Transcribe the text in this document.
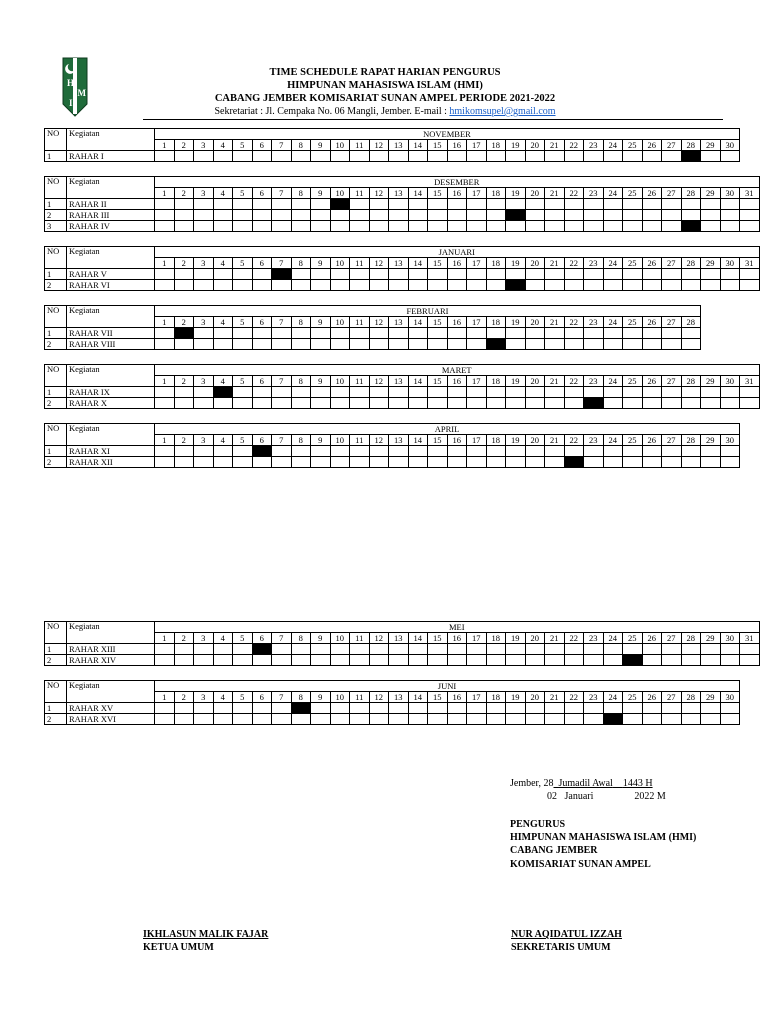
H
M
I
TIME SCHEDULE RAPAT HARIAN PENGURUS
HIMPUNAN MAHASISWA ISLAM (HMI)
CABANG JEMBER KOMISARIAT SUNAN AMPEL PERIODE 2021-2022
Sekretariat : Jl. Cempaka No. 06 Mangli, Jember. E-mail : hmikomsupel@gmail.com
NO	Kegiatan	NOVEMBER																													
		1	2	3	4	5	6	7	8	9	10	11	12	13	14	15	16	17	18	19	20	21	22	23	24	25	26	27	28	29	30
1	RAHAR I																														
NO	Kegiatan	DESEMBER																														
		1	2	3	4	5	6	7	8	9	10	11	12	13	14	15	16	17	18	19	20	21	22	23	24	25	26	27	28	29	30	31
1	RAHAR II																															
2	RAHAR III																															
3	RAHAR IV																															
NO	Kegiatan	JANUARI																														
		1	2	3	4	5	6	7	8	9	10	11	12	13	14	15	16	17	18	19	20	21	22	23	24	25	26	27	28	29	30	31
1	RAHAR V																															
2	RAHAR VI																															
NO	Kegiatan	FEBRUARI																											
		1	2	3	4	5	6	7	8	9	10	11	12	13	14	15	16	17	18	19	20	21	22	23	24	25	26	27	28
1	RAHAR VII																												
2	RAHAR VIII																												
NO	Kegiatan	MARET																														
		1	2	3	4	5	6	7	8	9	10	11	12	13	14	15	16	17	18	19	20	21	22	23	24	25	26	27	28	29	30	31
1	RAHAR IX																															
2	RAHAR X																															
NO	Kegiatan	APRIL																													
		1	2	3	4	5	6	7	8	9	10	11	12	13	14	15	16	17	18	19	20	21	22	23	24	25	26	27	28	29	30
1	RAHAR XI																														
2	RAHAR XII																														
NO	Kegiatan	MEI																														
		1	2	3	4	5	6	7	8	9	10	11	12	13	14	15	16	17	18	19	20	21	22	23	24	25	26	27	28	29	30	31
1	RAHAR XIII																															
2	RAHAR XIV																															
NO	Kegiatan	JUNI																													
		1	2	3	4	5	6	7	8	9	10	11	12	13	14	15	16	17	18	19	20	21	22	23	24	25	26	27	28	29	30
1	RAHAR XV																														
2	RAHAR XVI																														
Jember, 28 Jumadil Awal 1443 H
02 Januari	2022 M
PENGURUS
HIMPUNAN MAHASISWA ISLAM (HMI)
CABANG JEMBER
KOMISARIAT SUNAN AMPEL
IKHLASUN MALIK FAJAR
KETUA UMUM
NUR AQIDATUL IZZAH
SEKRETARIS UMUM
